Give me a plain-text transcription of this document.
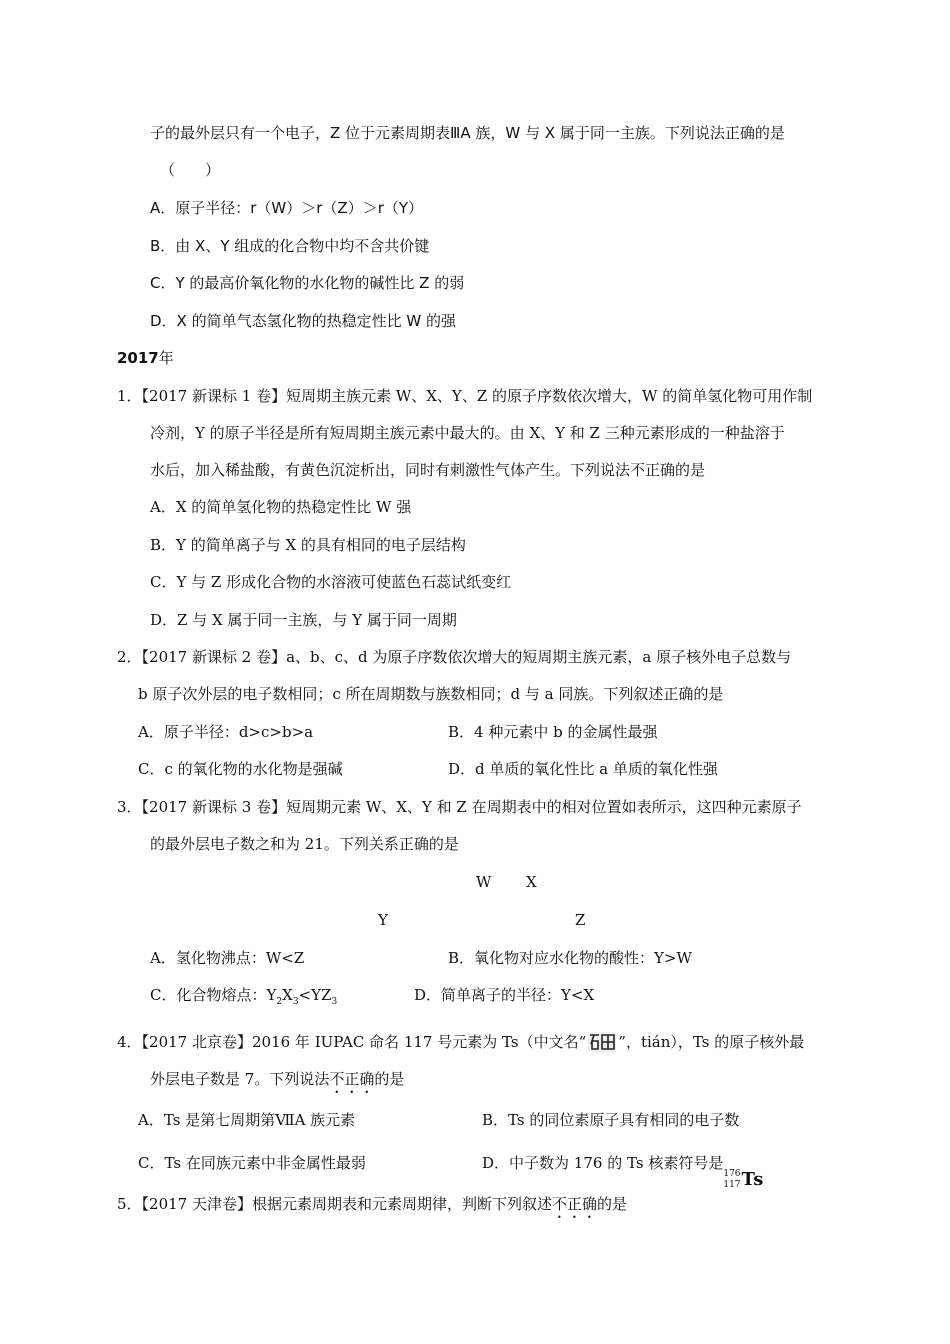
子的最外层只有一个电子，Z 位于元素周期表ⅢA 族，W 与 X 属于同一主族。下列说法正确的是
（　　）
A．原子半径：r（W）＞r（Z）＞r（Y）
B．由 X、Y 组成的化合物中均不含共价键
C．Y 的最高价氧化物的水化物的碱性比 Z 的弱
D．X 的简单气态氢化物的热稳定性比 W 的强
2017年
1．【2017 新课标 1 卷】短周期主族元素 W、X、Y、Z 的原子序数依次增大，W 的简单氢化物可用作制
冷剂，Y 的原子半径是所有短周期主族元素中最大的。由 X、Y 和 Z 三种元素形成的一种盐溶于
水后，加入稀盐酸，有黄色沉淀析出，同时有刺激性气体产生。下列说法不正确的是
A．X 的简单氢化物的热稳定性比 W 强
B．Y 的简单离子与 X 的具有相同的电子层结构
C．Y 与 Z 形成化合物的水溶液可使蓝色石蕊试纸变红
D．Z 与 X 属于同一主族，与 Y 属于同一周期
2．【2017 新课标 2 卷】a、b、c、d 为原子序数依次增大的短周期主族元素，a 原子核外电子总数与
b 原子次外层的电子数相同；c 所在周期数与族数相同；d 与 a 同族。下列叙述正确的是
A．原子半径：d>c>b>a	B．4 种元素中 b 的金属性最强
C．c 的氧化物的水化物是强碱	D．d 单质的氧化性比 a 单质的氧化性强
3．【2017 新课标 3 卷】短周期元素 W、X、Y 和 Z 在周期表中的相对位置如表所示，这四种元素原子
的最外层电子数之和为 21。下列关系正确的是
W X
Y	Z
A．氢化物沸点：W<Z	B．氧化物对应水化物的酸性：Y>W
C．化合物熔点：$Y_2X_3<YZ_3$	D．简单离子的半径：Y<X
4．【2017 北京卷】2016 年 IUPAC 命名 117 号元素为 Ts（中文名“ ”，tián），Ts 的原子核外最
外层电子数是 7。下列说法不正确的是
A．Ts 是第七周期第ⅦA 族元素	B．Ts 的同位素原子具有相同的电子数
C．Ts 在同族元素中非金属性最弱	D．中子数为 176 的 Ts 核素符号是
176
117 Ts
5．【2017 天津卷】根据元素周期表和元素周期律，判断下列叙述不正确的是
